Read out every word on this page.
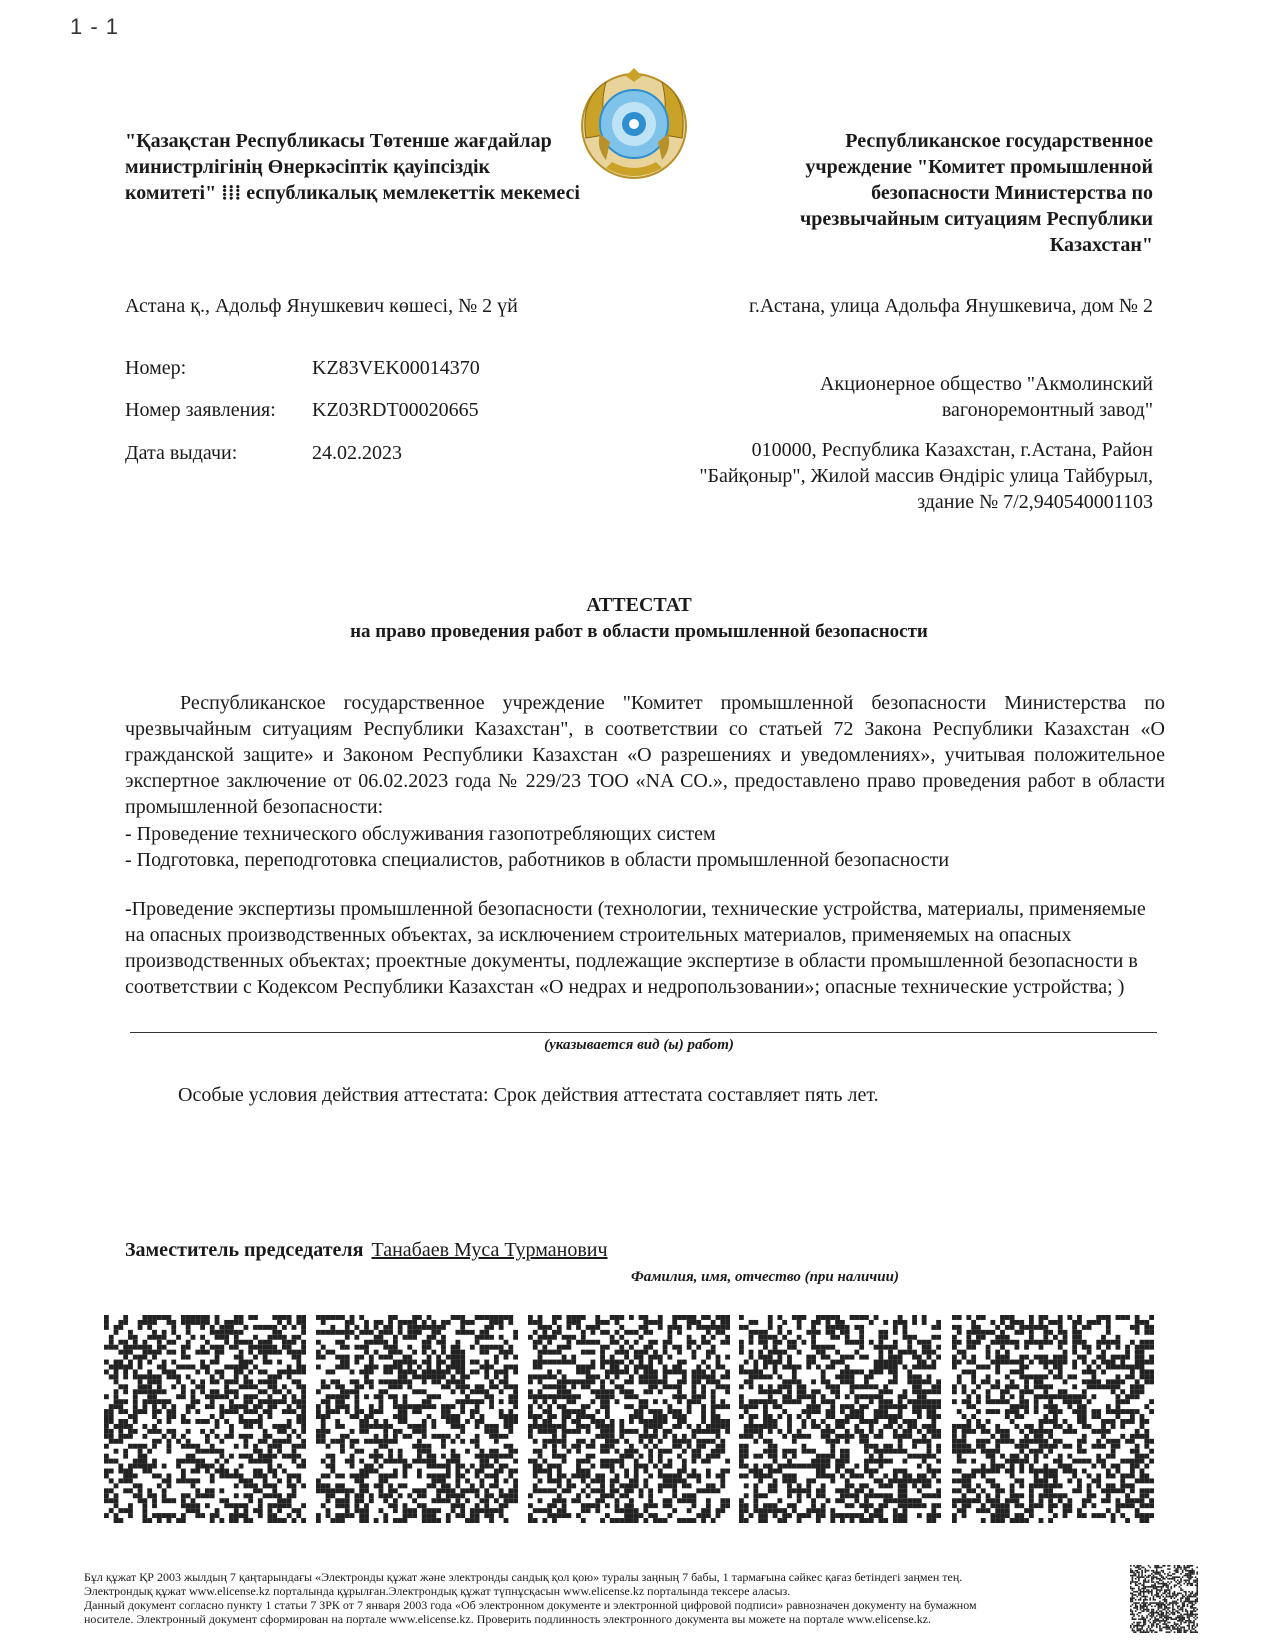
1 - 1
"Қазақстан Республикасы Төтенше жағдайлар министрлігінің Өнеркәсіптік қауіпсіздік комитеті" ⁞⁞⁞ еспубликалық мемлекеттік мекемесі
Республиканское государственное учреждение "Комитет промышленной безопасности Министерства по чрезвычайным ситуациям Республики Казахстан"
Астана қ., Адольф Янушкевич көшесі, № 2 үй	г.Астана, улица Адольфа Янушкевича, дом № 2
Номер:	KZ83VEK00014370
Номер заявления: KZ03RDT00020665
Дата выдачи:	24.02.2023
Акционерное общество "Акмолинский вагоноремонтный завод"
010000, Республика Казахстан, г.Астана, Район "Байқоныр", Жилой массив Өндіріс улица Тайбурыл, здание № 7/2,940540001103
АТТЕСТАТ
на право проведения работ в области промышленной безопасности
Республиканское государственное учреждение "Комитет промышленной безопасности Министерства по чрезвычайным ситуациям Республики Казахстан", в соответствии со статьей 72 Закона Республики Казахстан «О гражданской защите» и Законом Республики Казахстан «О разрешениях и уведомлениях», учитывая положительное экспертное заключение от 06.02.2023 года № 229/23 ТОО «NA CO.», предоставлено право проведения работ в области промышленной безопасности:
- Проведение технического обслуживания газопотребляющих систем
- Подготовка, переподготовка специалистов, работников в области промышленной безопасности
-Проведение экспертизы промышленной безопасности (технологии, технические устройства, материалы, применяемые на опасных производственных объектах, за исключением строительных материалов, применяемых на опасных производственных объектах; проектные документы, подлежащие экспертизе в области промышленной безопасности в соответствии с Кодексом Республики Казахстан «О недрах и недропользовании»; опасные технические устройства; )
(указывается вид (ы) работ)
Особые условия действия аттестата: Срок действия аттестата составляет пять лет.
Заместитель председателя Танабаев Муса Турманович
Фамилия, имя, отчество (при наличии)
Бұл құжат ҚР 2003 жылдың 7 қаңтарындағы «Электронды құжат және электронды сандық қол қою» туралы заңның 7 бабы, 1 тармағына сәйкес қағаз бетіндегі заңмен тең.
Электрондық құжат www.elicense.kz порталында құрылған.Электрондық құжат түпнұсқасын www.elicense.kz порталында тексере аласыз.
Данный документ согласно пункту 1 статьи 7 ЗРК от 7 января 2003 года «Об электронном документе и электронной цифровой подписи» равнозначен документу на бумажном
носителе. Электронный документ сформирован на портале www.elicense.kz. Проверить подлинность электронного документа вы можете на портале www.elicense.kz.
